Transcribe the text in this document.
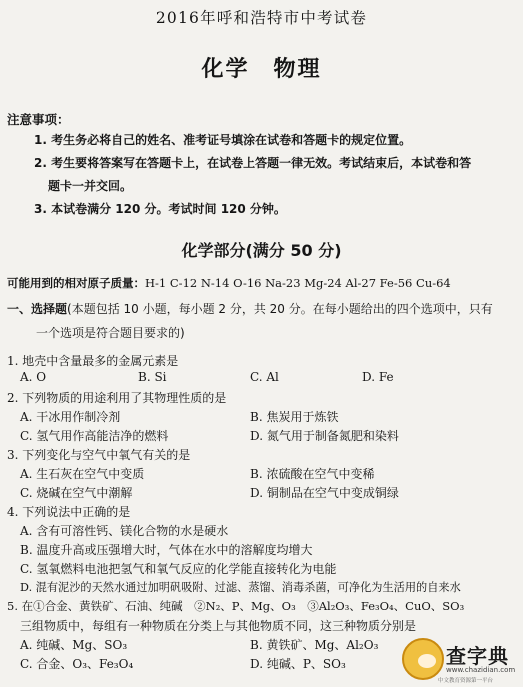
2016年呼和浩特市中考试卷
化学　物理
注意事项：
1. 考生务必将自己的姓名、准考证号填涂在试卷和答题卡的规定位置。
2. 考生要将答案写在答题卡上，在试卷上答题一律无效。考试结束后，本试卷和答
题卡一并交回。
3. 本试卷满分 120 分。考试时间 120 分钟。
化学部分(满分 50 分)
可能用到的相对原子质量：H-1 C-12 N-14 O-16 Na-23 Mg-24 Al-27 Fe-56 Cu-64
一、选择题(本题包括 10 小题，每小题 2 分，共 20 分。在每小题给出的四个选项中，只有
一个选项是符合题目要求的)
1. 地壳中含量最多的金属元素是
A. O	B. Si	C. Al	D. Fe
2. 下列物质的用途利用了其物理性质的是
A. 干冰用作制冷剂	B. 焦炭用于炼铁
C. 氢气用作高能洁净的燃料	D. 氮气用于制备氮肥和染料
3. 下列变化与空气中氧气有关的是
A. 生石灰在空气中变质	B. 浓硫酸在空气中变稀
C. 烧碱在空气中潮解	D. 铜制品在空气中变成铜绿
4. 下列说法中正确的是
A. 含有可溶性钙、镁化合物的水是硬水
B. 温度升高或压强增大时，气体在水中的溶解度均增大
C. 氢氧燃料电池把氢气和氧气反应的化学能直接转化为电能
D. 混有泥沙的天然水通过加明矾吸附、过滤、蒸馏、消毒杀菌，可净化为生活用的自来水
5. 在①合金、黄铁矿、石油、纯碱　②N₂、P、Mg、O₃　③Al₂O₃、Fe₃O₄、CuO、SO₃
三组物质中，每组有一种物质在分类上与其他物质不同，这三种物质分别是
A. 纯碱、Mg、SO₃	B. 黄铁矿、Mg、Al₂O₃
C. 合金、O₃、Fe₃O₄	D. 纯碱、P、SO₃	查字典
www.chazidian.com
中文教育资源第一平台
